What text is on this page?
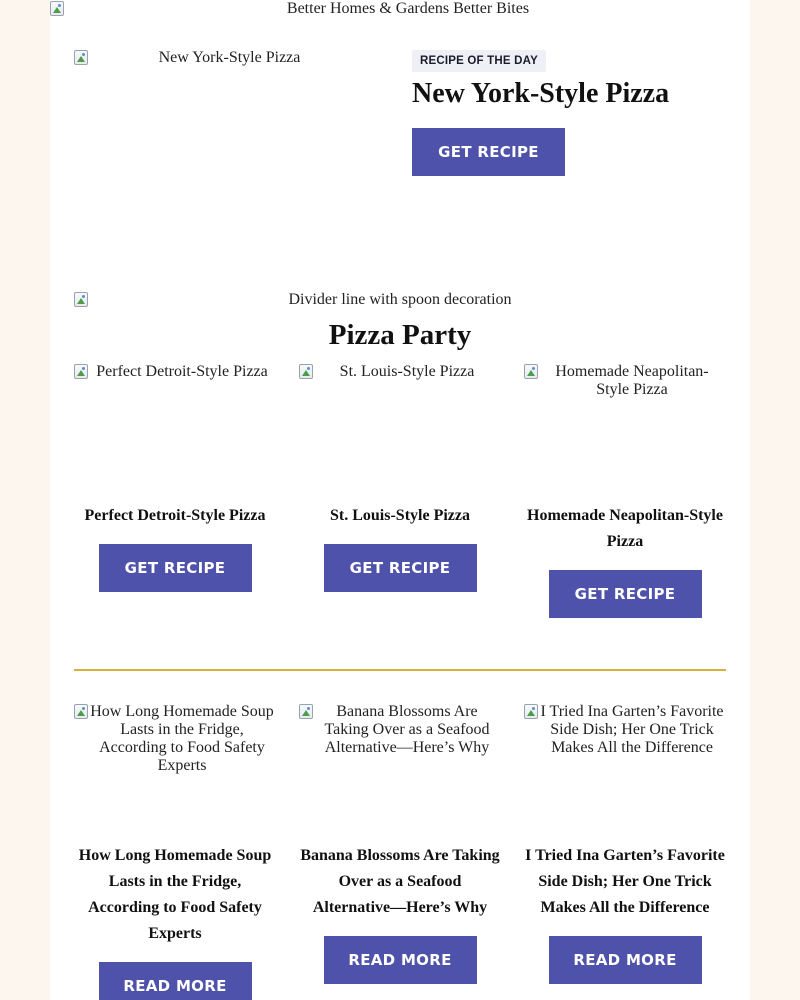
Better Homes & Gardens Better Bites
New York-Style Pizza	RECIPE OF THE DAY
New York-Style Pizza
GET RECIPE
Divider line with spoon decoration
Pizza Party
Perfect Detroit-Style Pizza
Perfect Detroit-Style Pizza
GET RECIPE
St. Louis-Style Pizza
St. Louis-Style Pizza
GET RECIPE
Homemade Neapolitan-Style Pizza
Homemade Neapolitan-Style Pizza
GET RECIPE
How Long Homemade Soup Lasts in the Fridge, According to Food Safety Experts
How Long Homemade Soup Lasts in the Fridge, According to Food Safety Experts
READ MORE
Banana Blossoms Are Taking Over as a Seafood Alternative—Here’s Why
Banana Blossoms Are Taking Over as a Seafood Alternative—Here’s Why
READ MORE
I Tried Ina Garten’s Favorite Side Dish; Her One Trick Makes All the Difference
I Tried Ina Garten’s Favorite Side Dish; Her One Trick Makes All the Difference
READ MORE
